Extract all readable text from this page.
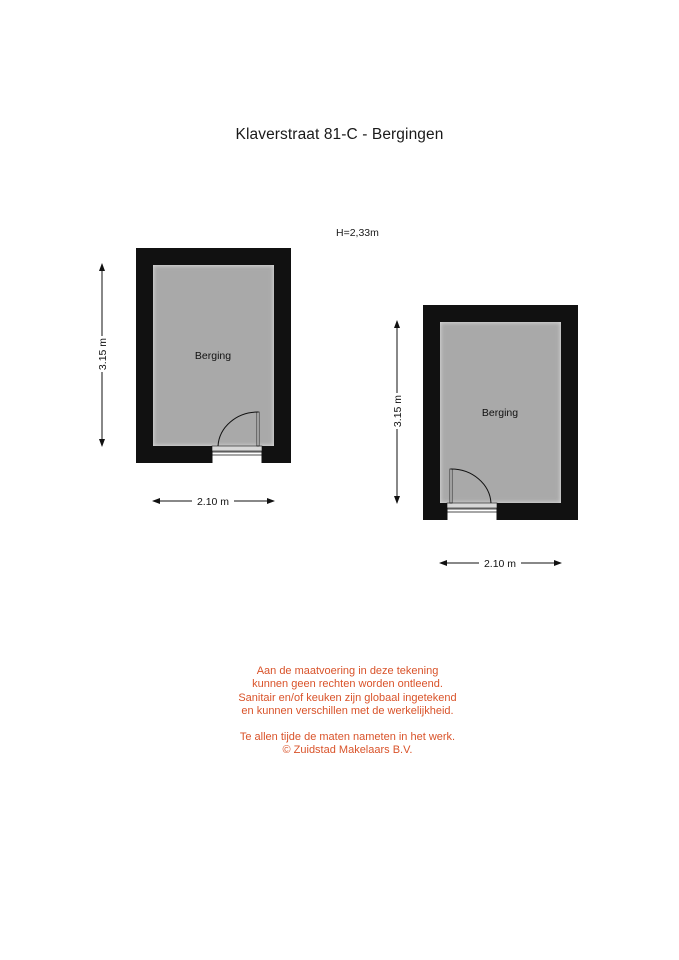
Klaverstraat 81-C - Bergingen
H=2,33m
Berging
3.15 m
2.10 m
Berging
3.15 m
2.10 m
Aan de maatvoering in deze tekening
kunnen geen rechten worden ontleend.
Sanitair en/of keuken zijn globaal ingetekend
en kunnen verschillen met de werkelijkheid.
Te allen tijde de maten nameten in het werk.
© Zuidstad Makelaars B.V.
